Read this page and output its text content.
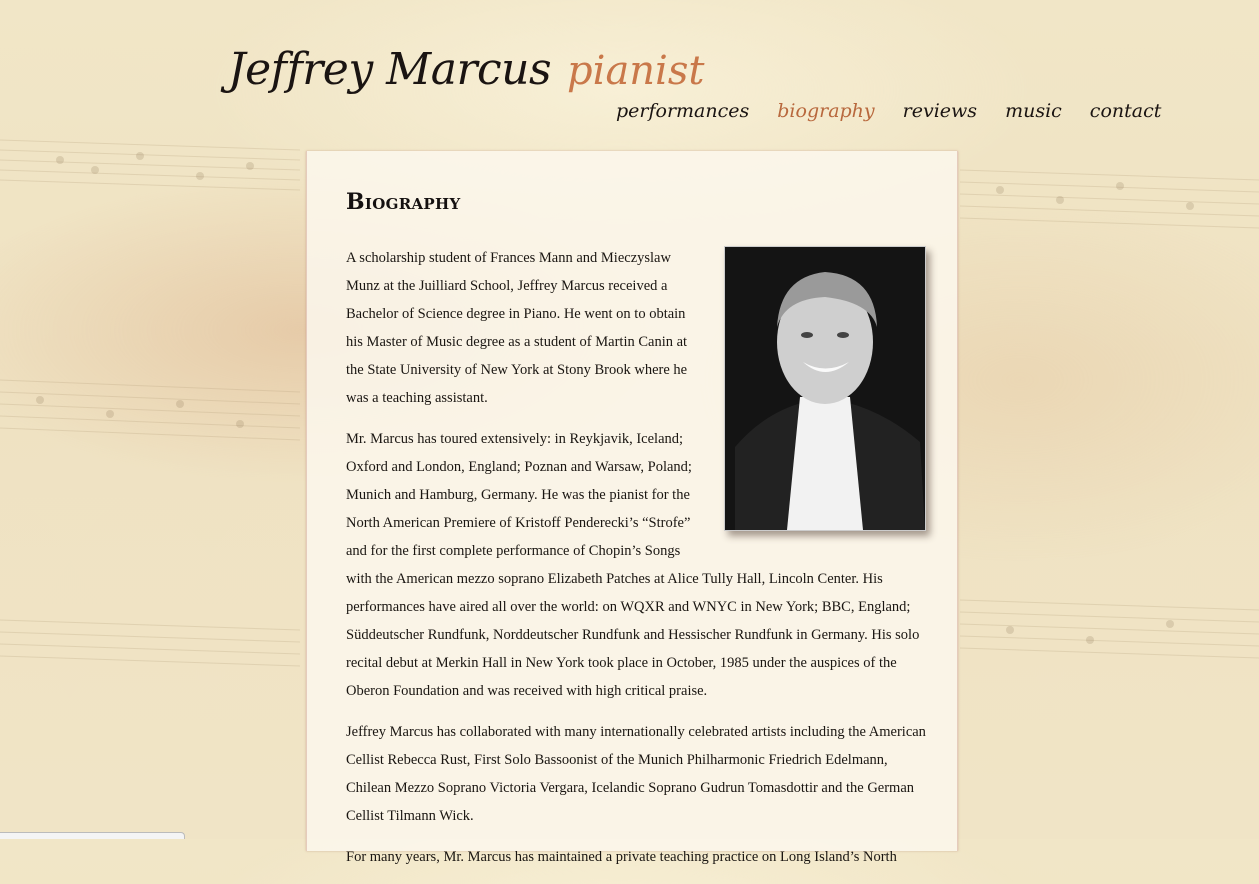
Jeffrey Marcus pianist
performances biography reviews music contact
Biography

A scholarship student of Frances Mann and Mieczyslaw Munz at the Juilliard School, Jeffrey Marcus received a Bachelor of Science degree in Piano. He went on to obtain his Master of Music degree as a student of Martin Canin at the State University of New York at Stony Brook where he was a teaching assistant.

Mr. Marcus has toured extensively: in Reykjavik, Iceland; Oxford and London, England; Poznan and Warsaw, Poland; Munich and Hamburg, Germany. He was the pianist for the North American Premiere of Kristoff Penderecki’s “Strofe” and for the first complete performance of Chopin’s Songs with the American mezzo soprano Elizabeth Patches at Alice Tully Hall, Lincoln Center. His performances have aired all over the world: on WQXR and WNYC in New York; BBC, England; Süddeutscher Rundfunk, Norddeutscher Rundfunk and Hessischer Rundfunk in Germany. His solo recital debut at Merkin Hall in New York took place in October, 1985 under the auspices of the Oberon Foundation and was received with high critical praise.

Jeffrey Marcus has collaborated with many internationally celebrated artists including the American Cellist Rebecca Rust, First Solo Bassoonist of the Munich Philharmonic Friedrich Edelmann, Chilean Mezzo Soprano Victoria Vergara, Icelandic Soprano Gudrun Tomasdottir and the German Cellist Tilmann Wick.

For many years, Mr. Marcus has maintained a private teaching practice on Long Island’s North
